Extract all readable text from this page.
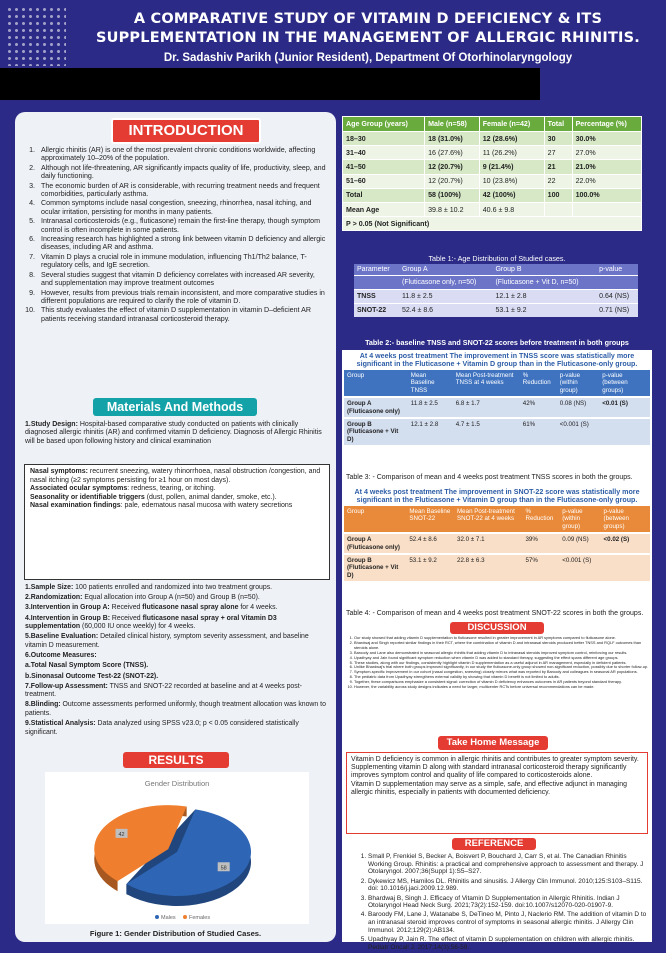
A COMPARATIVE STUDY OF VITAMIN D DEFICIENCY & ITS
SUPPLEMENTATION IN THE MANAGEMENT OF ALLERGIC RHINITIS.
Dr. Sadashiv Parikh (Junior Resident), Department Of Otorhinolaryngology
INTRODUCTION
1. Allergic rhinitis (AR) is one of the most prevalent chronic conditions worldwide, affecting approximately 10–20% of the population.
2. Although not life-threatening, AR significantly impacts quality of life, productivity, sleep, and daily functioning.
3. The economic burden of AR is considerable, with recurring treatment needs and frequent comorbidities, particularly asthma.
4. Common symptoms include nasal congestion, sneezing, rhinorrhea, nasal itching, and ocular irritation, persisting for months in many patients.
5. Intranasal corticosteroids (e.g., fluticasone) remain the first-line therapy, though symptom control is often incomplete in some patients.
6. Increasing research has highlighted a strong link between vitamin D deficiency and allergic diseases, including AR and asthma.
7. Vitamin D plays a crucial role in immune modulation, influencing Th1/Th2 balance, T-regulatory cells, and IgE secretion.
8. Several studies suggest that vitamin D deficiency correlates with increased AR severity, and supplementation may improve treatment outcomes
9. However, results from previous trials remain inconsistent, and more comparative studies in different populations are required to clarify the role of vitamin D.
10. This study evaluates the effect of vitamin D supplementation in vitamin D–deficient AR patients receiving standard intranasal corticosteroid therapy.
Materials And Methods
1.Study Design: Hospital-based comparative study conducted on patients with clinically diagnosed allergic rhinitis (AR) and confirmed vitamin D deficiency. Diagnosis of Allergic Rhinitis will be based upon following history and clinical examination
Nasal symptoms: recurrent sneezing, watery rhinorrhoea, nasal obstruction /congestion, and nasal itching (≥2 symptoms persisting for ≥1 hour on most days).
Associated ocular symptoms: redness, tearing, or itching.
Seasonality or identifiable triggers (dust, pollen, animal dander, smoke, etc.).
Nasal examination findings: pale, edematous nasal mucosa with watery secretions
1.Sample Size: 100 patients enrolled and randomized into two treatment groups.
2.Randomization: Equal allocation into Group A (n=50) and Group B (n=50).
3.Intervention in Group A: Received fluticasone nasal spray alone for 4 weeks.
4.Intervention in Group B: Received fluticasone nasal spray + oral Vitamin D3 supplementation (60,000 IU once weekly) for 4 weeks.
5.Baseline Evaluation: Detailed clinical history, symptom severity assessment, and baseline vitamin D measurement.
6.Outcome Measures:
a.Total Nasal Symptom Score (TNSS).
b.Sinonasal Outcome Test-22 (SNOT-22).
7.Follow-up Assessment: TNSS and SNOT-22 recorded at baseline and at 4 weeks post-treatment.
8.Blinding: Outcome assessments performed uniformly, though treatment allocation was known to patients.
9.Statistical Analysis: Data analyzed using SPSS v23.0; p < 0.05 considered statistically significant.
RESULTS
Gender Distribution
58
42
Males Females
Figure 1: Gender Distribution of Studied Cases.
Age Group (years)	Male (n=58)	Female (n=42)	Total	Percentage (%)
18–30	18 (31.0%)	12 (28.6%)	30	30.0%
31–40	16 (27.6%)	11 (26.2%)	27	27.0%
41–50	12 (20.7%)	9 (21.4%)	21	21.0%
51–60	12 (20.7%)	10 (23.8%)	22	22.0%
Total	58 (100%)	42 (100%)	100	100.0%
Mean Age	39.8 ± 10.2	40.6 ± 9.8		
P > 0.05 (Not Significant)				
Table 1:- Age Distribution of Studied cases.
Parameter	Group A	Group B	p-value
	(Fluticasone only, n=50)	(Fluticasone + Vit D, n=50)	
TNSS	11.8 ± 2.5	12.1 ± 2.8	0.64 (NS)
SNOT-22	52.4 ± 8.6	53.1 ± 9.2	0.71 (NS)
Table 2:- baseline TNSS and SNOT-22 scores before treatment in both groups
At 4 weeks post treatment The improvement in TNSS score was statistically more significant in the Fluticasone + Vitamin D group than in the Fluticasone-only group.
Group	Mean Baseline TNSS	Mean Post-treatment TNSS at 4 weeks	% Reduction	p-value (within group)	p-value (between groups)
Group A (Fluticasone only)	11.8 ± 2.5	6.8 ± 1.7	42%	0.08 (NS)	<0.01 (S)
Group B (Fluticasone + Vit D)	12.1 ± 2.8	4.7 ± 1.5	61%	<0.001 (S)	
Table 3: - Comparison of mean and 4 weeks post treatment TNSS scores in both the groups.
At 4 weeks post treatment The improvement in SNOT-22 score was statistically more significant in the Fluticasone + Vitamin D group than in the Fluticasone-only group.
Group	Mean Baseline SNOT-22	Mean Post-treatment SNOT-22 at 4 weeks	% Reduction	p-value (within group)	p-value (between groups)
Group A (Fluticasone only)	52.4 ± 8.6	32.0 ± 7.1	39%	0.09 (NS)	<0.02 (S)
Group B (Fluticasone + Vit D)	53.1 ± 9.2	22.8 ± 6.3	57%	<0.001 (S)	
Table 4: - Comparison of mean and 4 weeks post treatment SNOT-22 scores in both the groups.
DISCUSSION
1. Our study showed that adding vitamin D supplementation to fluticasone resulted in greater improvement in AR symptoms compared to fluticasone alone.
2. Bhardwaj and Singh reported similar findings in their RCT, where the combination of vitamin D and intranasal steroids produced better TNSS and RQLF outcomes than steroids alone.
3. Baroody and Lane also demonstrated in seasonal allergic rhinitis that adding vitamin D to intranasal steroids improved symptom control, reinforcing our results.
4. Upadhyay and Jain found significant symptom reduction when vitamin D was added to standard therapy, suggesting the effect spans different age groups.
5. These studies, along with our findings, consistently highlight vitamin D supplementation as a useful adjunct in AR management, especially in deficient patients.
6. Unlike Bhardwaj's trial where both groups improved significantly, in our study the fluticasone-only group showed non-significant reduction, possibly due to shorter follow-up.
7. Symptom-specific improvement in our cohort (nasal congestion, sneezing) closely mirrors what was reported by Baroody and colleagues in seasonal AR populations.
8. The pediatric data from Upadhyay strengthens external validity by showing that vitamin D benefit is not limited to adults.
9. Together, these comparisons emphasize a consistent signal: correction of vitamin D deficiency enhances outcomes in AR patients beyond standard therapy.
10. However, the variability across study designs indicates a need for larger, multicenter RCTs before universal recommendations can be made.
Take Home Message
Vitamin D deficiency is common in allergic rhinitis and contributes to greater symptom severity.
Supplementing vitamin D along with standard intranasal corticosteroid therapy significantly improves symptom control and quality of life compared to corticosteroids alone.
Vitamin D supplementation may serve as a simple, safe, and effective adjunct in managing allergic rhinitis, especially in patients with documented deficiency.
REFERENCE
1. Small P, Frenkiel S, Becker A, Boisvert P, Bouchard J, Carr S, et al. The Canadian Rhinitis Working Group. Rhinitis: a practical and comprehensive approach to assessment and therapy. J Otolaryngol. 2007;36(Suppl 1):S5–S27.
2. Dykewicz MS, Hamilos DL. Rhinitis and sinusitis. J Allergy Clin Immunol. 2010;125:S103–S115. doi: 10.1016/j.jaci.2009.12.989.
3. Bhardwaj B, Singh J. Efficacy of Vitamin D Supplementation in Allergic Rhinitis. Indian J Otolaryngol Head Neck Surg. 2021;73(2):152-159. doi:10.1007/s12070-020-01907-9.
4. Baroody FM, Lane J, Watanabe S, DeTineo M, Pinto J, Naclerio RM. The addition of vitamin D to an intranasal steroid improves control of symptoms in seasonal allergic rhinitis. J Allergy Clin Immunol. 2012;129(2):AB134.
5. Upadhyay P, Jain R. The effect of vitamin D supplementation on children with allergic rhinitis. Pediatr Oncall J. 2017;14(3):56-59.
